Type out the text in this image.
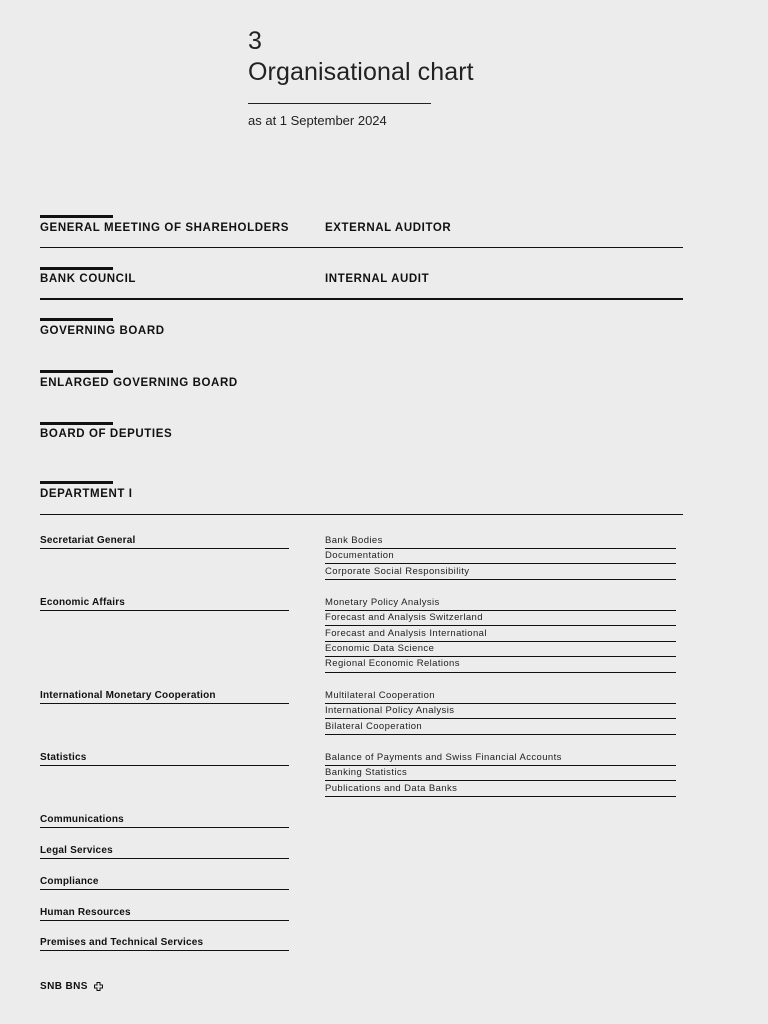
3
Organisational chart
as at 1 September 2024
GENERAL MEETING OF SHAREHOLDERS	EXTERNAL AUDITOR
BANK COUNCIL	INTERNAL AUDIT
GOVERNING BOARD
ENLARGED GOVERNING BOARD
BOARD OF DEPUTIES
DEPARTMENT I
Secretariat General	Bank Bodies
Documentation
Corporate Social Responsibility
Economic Affairs	Monetary Policy Analysis
Forecast and Analysis Switzerland
Forecast and Analysis International
Economic Data Science
Regional Economic Relations
International Monetary Cooperation	Multilateral Cooperation
International Policy Analysis
Bilateral Cooperation
Statistics	Balance of Payments and Swiss Financial Accounts
Banking Statistics
Publications and Data Banks
Communications
Legal Services
Compliance
Human Resources
Premises and Technical Services
SNB BNS
